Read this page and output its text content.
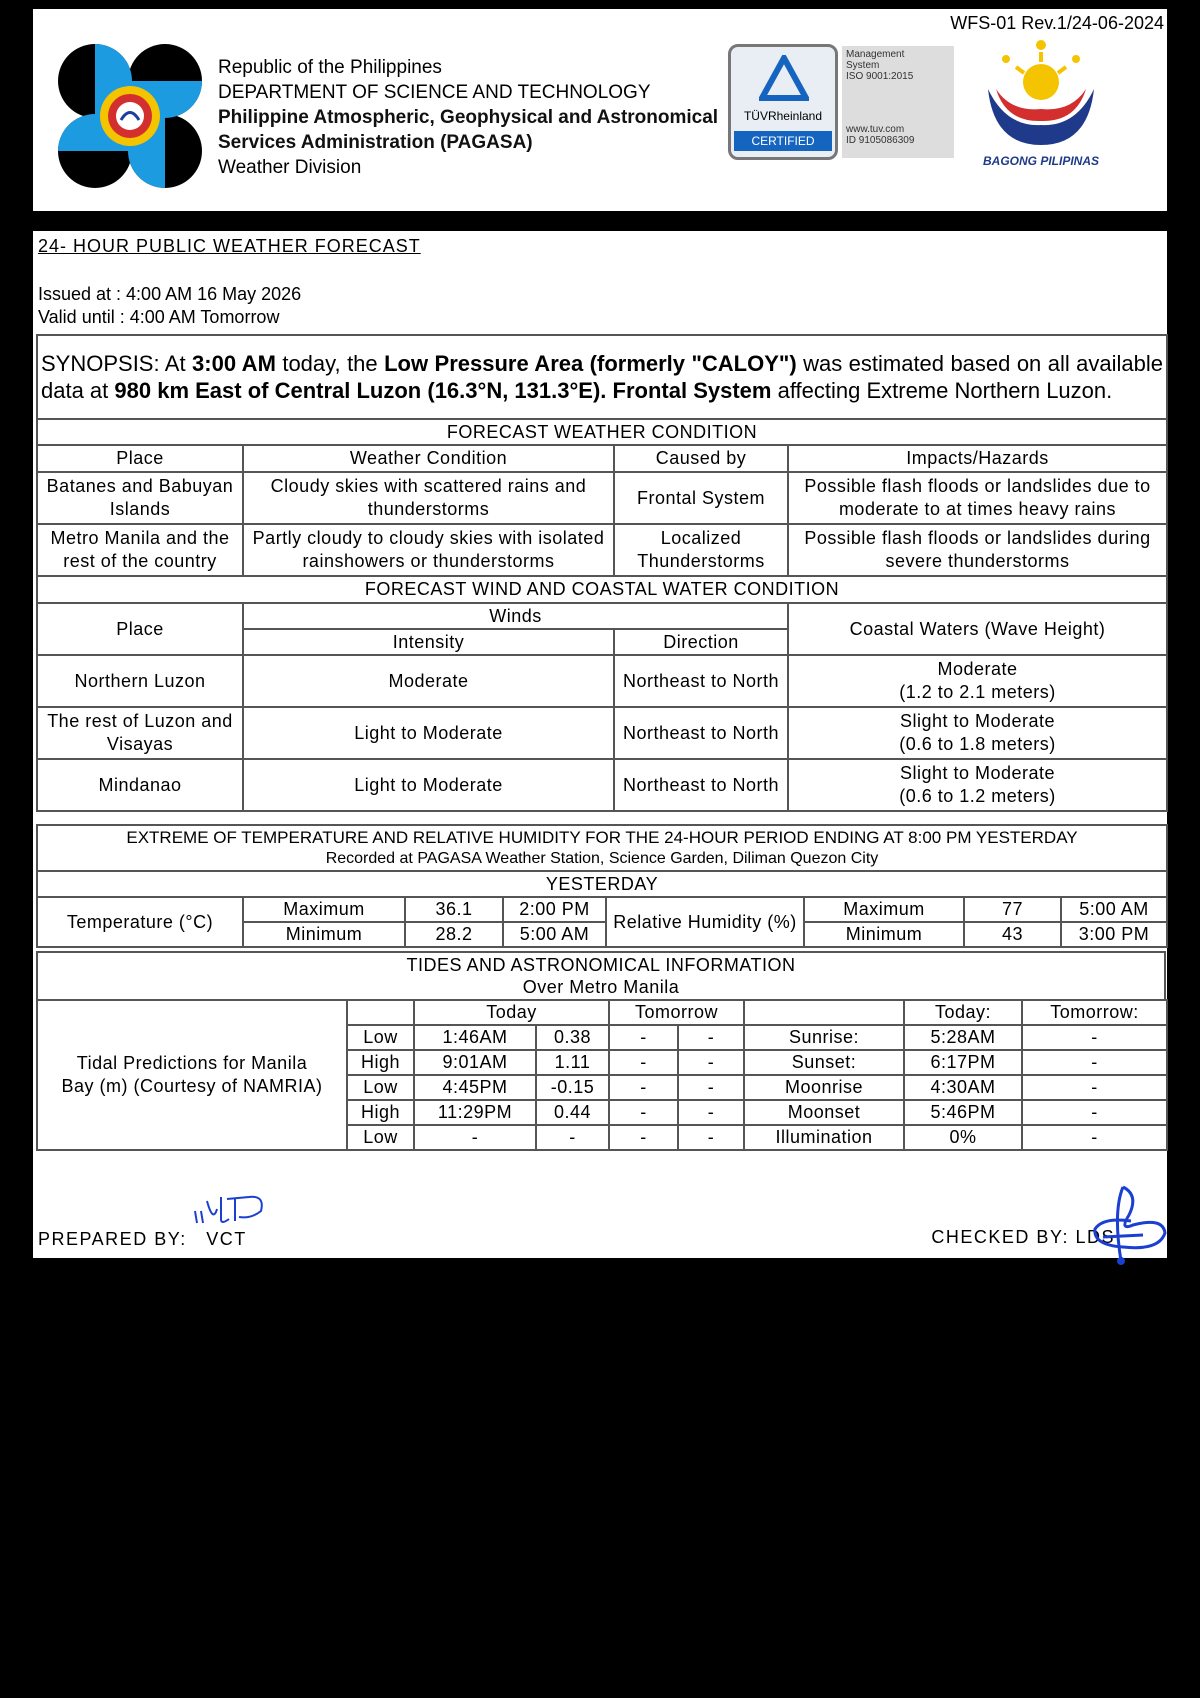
WFS-01 Rev.1/24-06-2024
Republic of the Philippines
DEPARTMENT OF SCIENCE AND TECHNOLOGY
Philippine Atmospheric, Geophysical and Astronomical
Services Administration (PAGASA)
Weather Division
TÜVRheinland
CERTIFIED
Management
System
ISO 9001:2015
www.tuv.com
ID 9105086309
BAGONG PILIPINAS
24- HOUR PUBLIC WEATHER FORECAST
Issued at : 4:00 AM 16 May 2026
Valid until : 4:00 AM Tomorrow
SYNOPSIS: At 3:00 AM today, the Low Pressure Area (formerly "CALOY") was estimated based on all available data at 980 km East of Central Luzon (16.3°N, 131.3°E). Frontal System affecting Extreme Northern Luzon.			
FORECAST WEATHER CONDITION			
Place	Weather Condition	Caused by	Impacts/Hazards
Batanes and Babuyan Islands	Cloudy skies with scattered rains and thunderstorms	Frontal System	Possible flash floods or landslides due to moderate to at times heavy rains
Metro Manila and the rest of the country	Partly cloudy to cloudy skies with isolated rainshowers or thunderstorms	Localized Thunderstorms	Possible flash floods or landslides during severe thunderstorms
FORECAST WIND AND COASTAL WATER CONDITION			
Place	Winds		Coastal Waters (Wave Height)
	Intensity	Direction	
Northern Luzon	Moderate	Northeast to North	Moderate
(1.2 to 2.1 meters)

The rest of Luzon and Visayas	Light to Moderate	Northeast to North	Slight to Moderate
(0.6 to 1.8 meters)

Mindanao	Light to Moderate	Northeast to North	Slight to Moderate
(0.6 to 1.2 meters)
EXTREME OF TEMPERATURE AND RELATIVE HUMIDITY FOR THE 24-HOUR PERIOD ENDING AT 8:00 PM YESTERDAY
Recorded at PAGASA Weather Station, Science Garden, Diliman Quezon City							

YESTERDAY							
Temperature (°C)	Maximum	36.1	2:00 PM	Relative Humidity (%)	Maximum	77	5:00 AM
	Minimum	28.2	5:00 AM		Minimum	43	3:00 PM
TIDES AND ASTRONOMICAL INFORMATION
Over Metro Manila
Tidal Predictions for Manila Bay (m) (Courtesy of NAMRIA)		Today		Tomorrow			Today:	Tomorrow:
	Low	1:46AM	0.38	-	-	Sunrise:	5:28AM	-
	High	9:01AM	1.11	-	-	Sunset:	6:17PM	-
	Low	4:45PM	-0.15	-	-	Moonrise	4:30AM	-
	High	11:29PM	0.44	-	-	Moonset	5:46PM	-
	Low	-	-	-	-	Illumination	0%	-
PREPARED BY: VCT	CHECKED BY: LDS
